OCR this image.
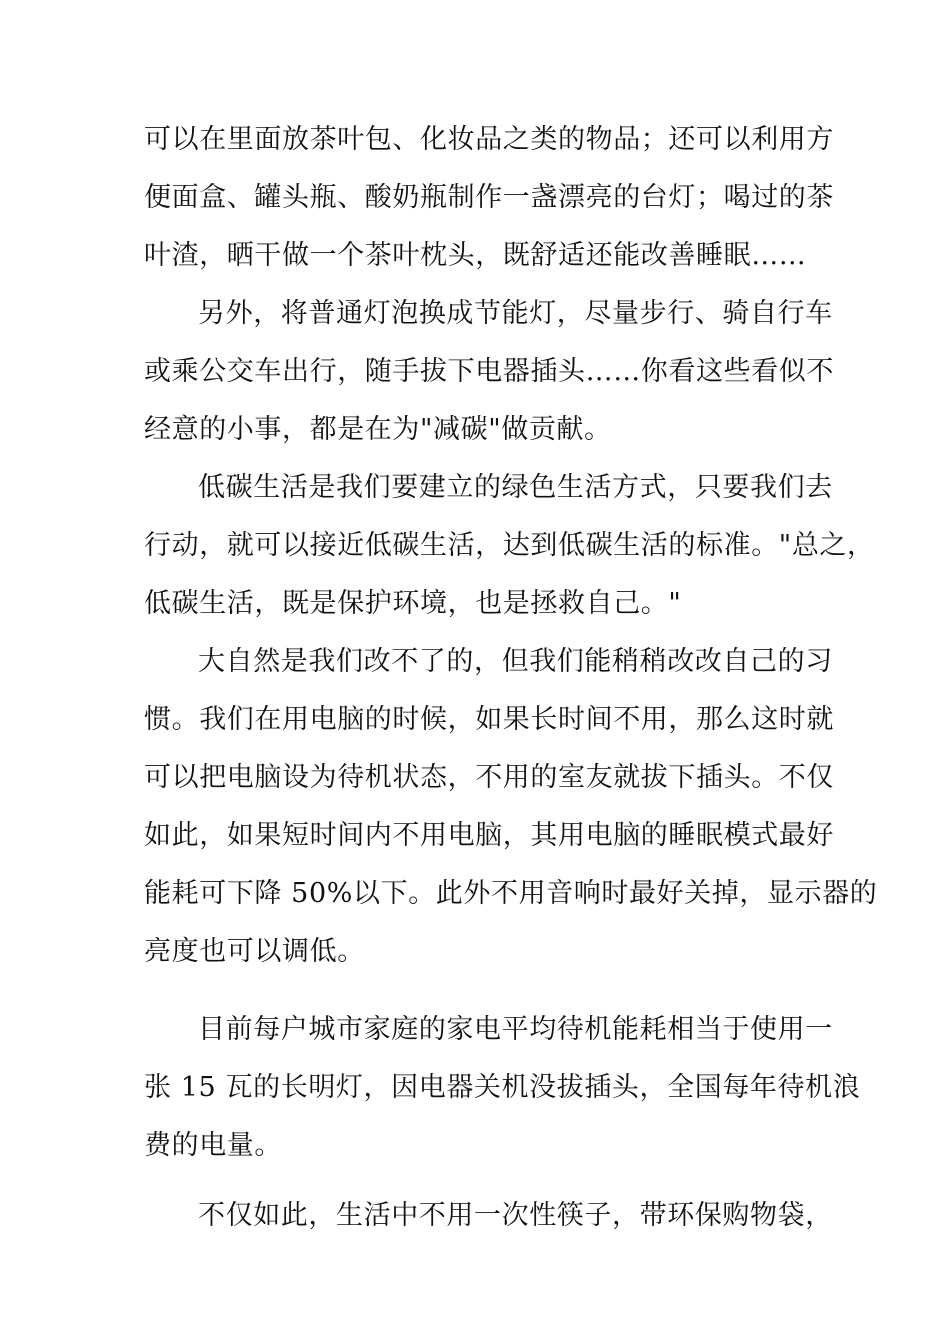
可以在里面放茶叶包、化妆品之类的物品；还可以利用方
便面盒、罐头瓶、酸奶瓶制作一盏漂亮的台灯；喝过的茶
叶渣，晒干做一个茶叶枕头，既舒适还能改善睡眠……
另外，将普通灯泡换成节能灯，尽量步行、骑自行车
或乘公交车出行，随手拔下电器插头……你看这些看似不
经意的小事，都是在为"减碳"做贡献。
低碳生活是我们要建立的绿色生活方式，只要我们去
行动，就可以接近低碳生活，达到低碳生活的标准。"总之，
低碳生活，既是保护环境，也是拯救自己。"
大自然是我们改不了的，但我们能稍稍改改自己的习
惯。我们在用电脑的时候，如果长时间不用，那么这时就
可以把电脑设为待机状态，不用的室友就拔下插头。不仅
如此，如果短时间内不用电脑，其用电脑的睡眠模式最好
能耗可下降 50%以下。此外不用音响时最好关掉，显示器的
亮度也可以调低。
目前每户城市家庭的家电平均待机能耗相当于使用一
张 15 瓦的长明灯，因电器关机没拔插头，全国每年待机浪
费的电量。
不仅如此，生活中不用一次性筷子，带环保购物袋，
